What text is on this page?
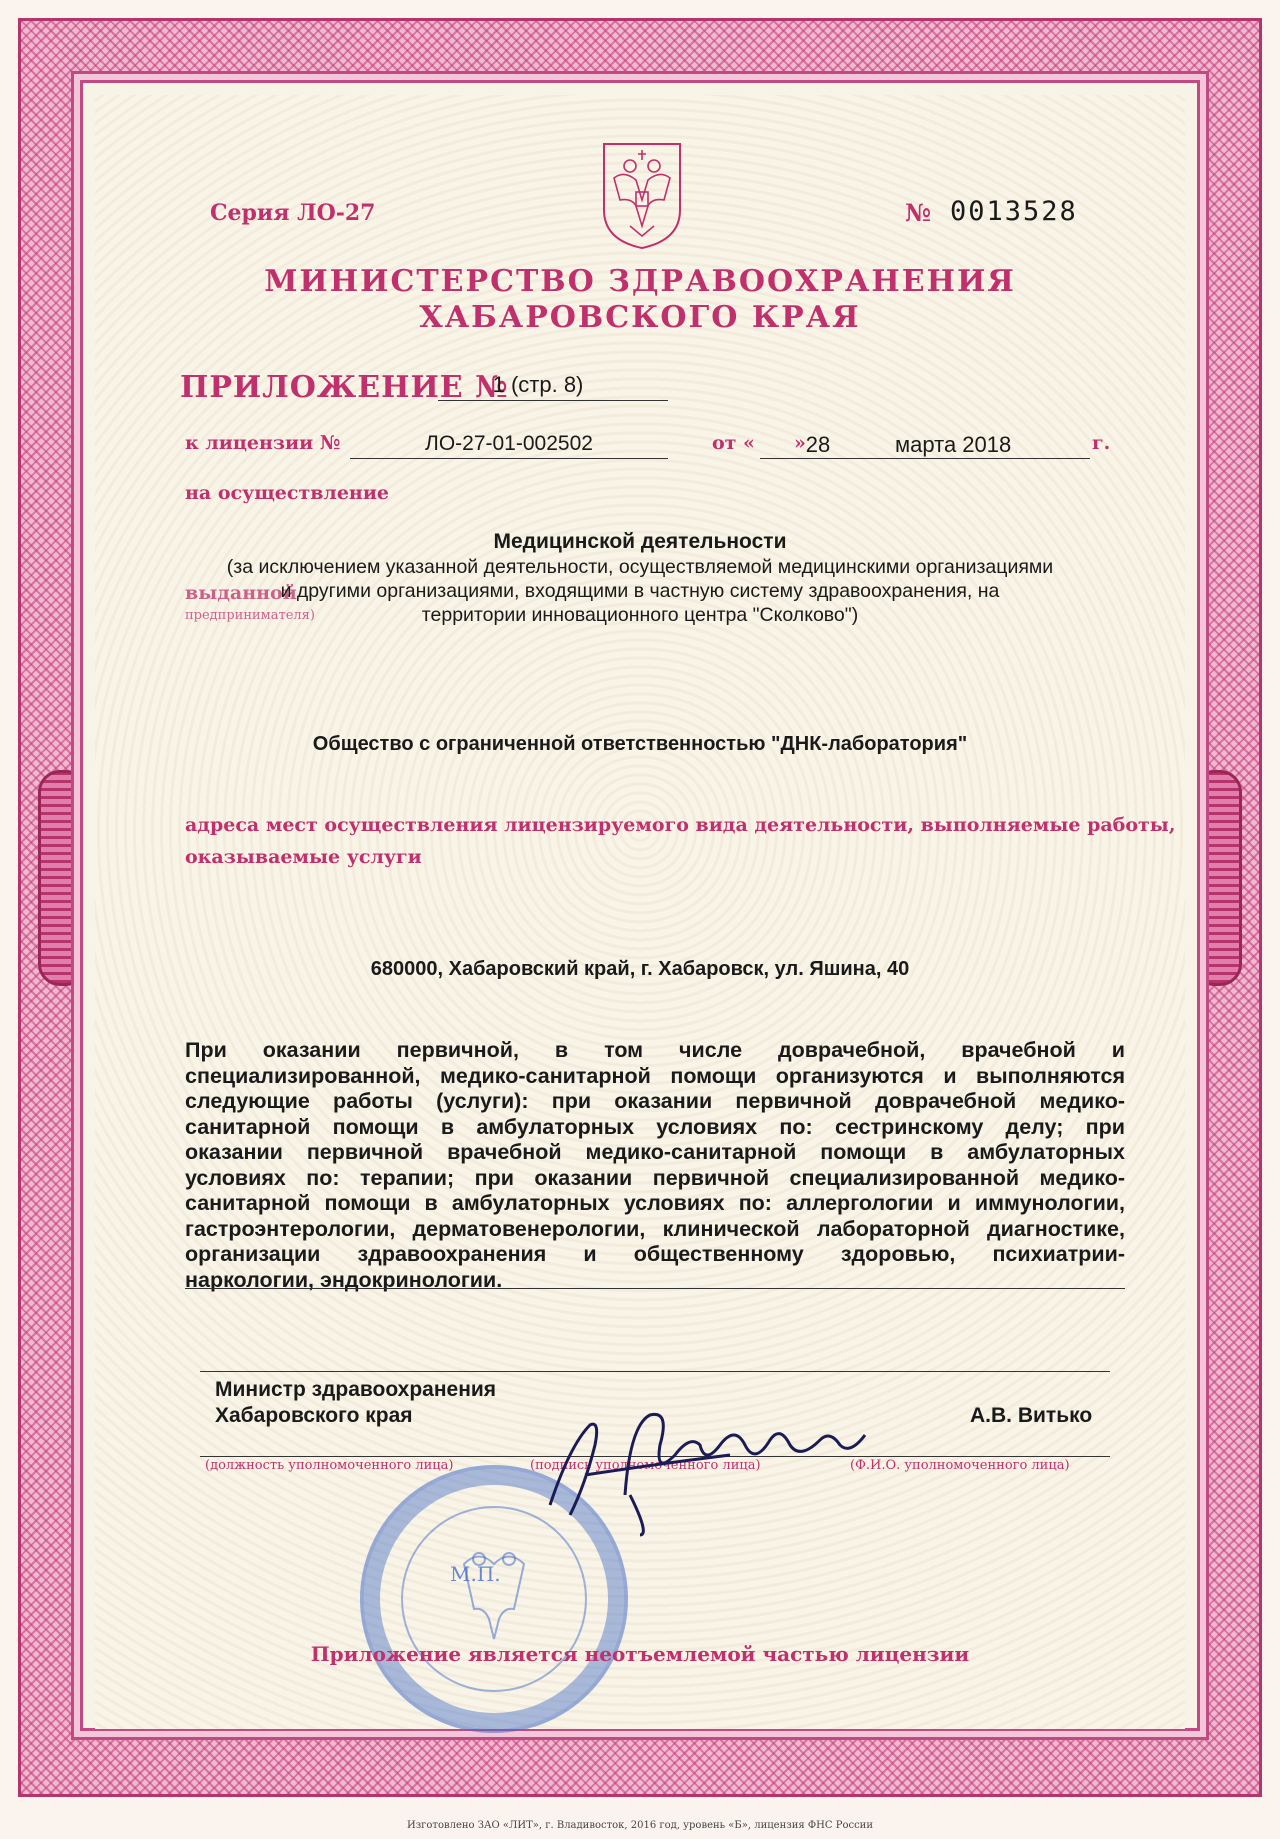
Серия ЛО-27	№ 0013528
МИНИСТЕРСТВО ЗДРАВООХРАНЕНИЯ
ХАБАРОВСКОГО КРАЯ
ПРИЛОЖЕНИЕ №
1 (стр. 8)
к лицензии №	ЛО-27-01-002502	от « » 28	марта 2018	г.
на осуществление
Медицинской деятельности
(за исключением указанной деятельности, осуществляемой медицинскими организациями
выданной
предпринимателя)
и другими организациями, входящими в частную систему здравоохранения, на
территории инновационного центра "Сколково")
Общество с ограниченной ответственностью "ДНК-лаборатория"
адреса мест осуществления лицензируемого вида деятельности, выполняемые работы,
оказываемые услуги
680000, Хабаровский край, г. Хабаровск, ул. Яшина, 40
При оказании первичной, в том числе доврачебной, врачебной и
специализированной, медико-санитарной помощи организуются и выполняются
следующие работы (услуги): при оказании первичной доврачебной медико-
санитарной помощи в амбулаторных условиях по: сестринскому делу; при
оказании первичной врачебной медико-санитарной помощи в амбулаторных
условиях по: терапии; при оказании первичной специализированной медико-
санитарной помощи в амбулаторных условиях по: аллергологии и иммунологии,
гастроэнтерологии, дерматовенерологии, клинической лабораторной диагностике,
организации здравоохранения и общественному здоровью, психиатрии-
наркологии, эндокринологии.
Министр здравоохранения
Хабаровского края	А.В. Витько
(должность уполномоченного лица)	(подпись уполномоченного лица)	(Ф.И.О. уполномоченного лица)
М.П.
Приложение является неотъемлемой частью лицензии
Изготовлено ЗАО «ЛИТ», г. Владивосток, 2016 год, уровень «Б», лицензия ФНС России
